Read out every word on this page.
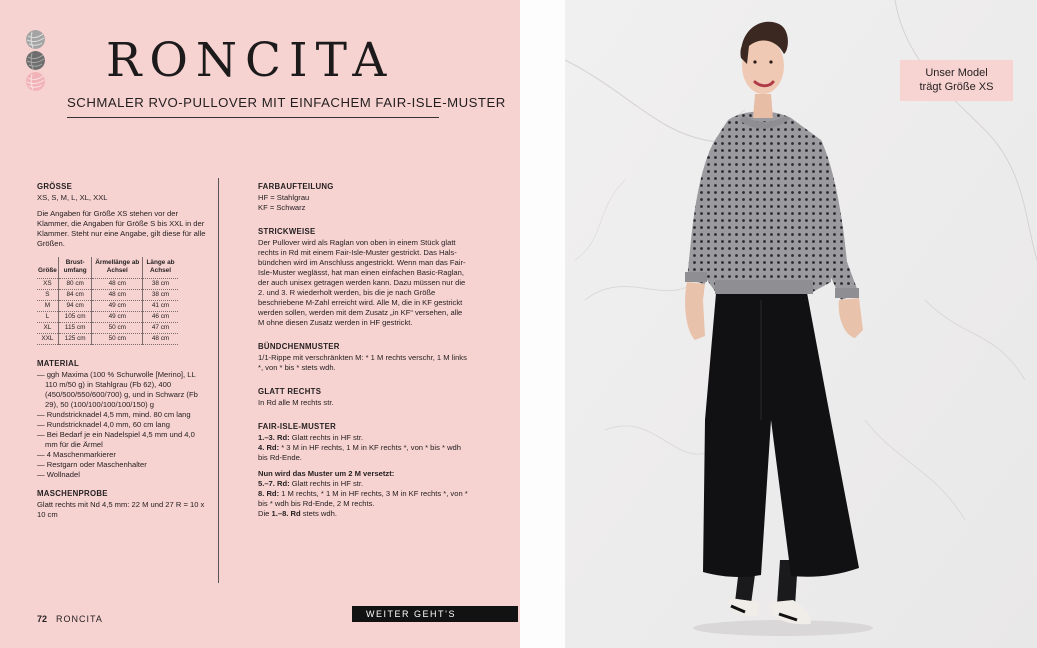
RONCITA
SCHMALER RVO-PULLOVER MIT EINFACHEM FAIR-ISLE-MUSTER
GRÖSSE
XS, S, M, L, XL, XXL
Die Angaben für Größe XS stehen vor der Klammer, die Angaben für Größe S bis XXL in der Klammer. Steht nur eine Angabe, gilt diese für alle Größen.
Größe	Brust-umfang	Ärmellänge ab Achsel	Länge ab Achsel
XS	80 cm	48 cm	38 cm
S	84 cm	48 cm	38 cm
M	94 cm	49 cm	41 cm
L	105 cm	49 cm	46 cm
XL	115 cm	50 cm	47 cm
XXL	125 cm	50 cm	48 cm
MATERIAL
— ggh Maxima (100 % Schurwolle [Merino], LL 110 m/50 g) in Stahlgrau (Fb 62), 400 (450/500/550/600/700) g, und in Schwarz (Fb 29), 50 (100/100/100/100/150) g
— Rundstricknadel 4,5 mm, mind. 80 cm lang
— Rundstricknadel 4,0 mm, 60 cm lang
— Bei Bedarf je ein Nadelspiel 4,5 mm und 4,0 mm für die Ärmel
— 4 Maschenmarkierer
— Restgarn oder Maschenhalter
— Wollnadel
MASCHENPROBE
Glatt rechts mit Nd 4,5 mm: 22 M und 27 R = 10 x 10 cm
FARBAUFTEILUNG
HF = Stahlgrau
KF = Schwarz
STRICKWEISE
Der Pullover wird als Raglan von oben in einem Stück glatt rechts in Rd mit einem Fair-Isle-Muster gestrickt. Das Hals-bündchen wird im Anschluss angestrickt. Wenn man das Fair-Isle-Muster weglässt, hat man einen einfachen Basic-Raglan, der auch unisex getragen werden kann. Dazu müssen nur die 2. und 3. R wiederholt werden, bis die je nach Größe beschriebene M-Zahl erreicht wird. Alle M, die in KF gestrickt werden sollen, werden mit dem Zusatz „in KF“ versehen, alle M ohne diesen Zusatz werden in HF gestrickt.
BÜNDCHENMUSTER
1/1-Rippe mit verschränkten M: * 1 M rechts verschr, 1 M links *, von * bis * stets wdh.
GLATT RECHTS
In Rd alle M rechts str.
FAIR-ISLE-MUSTER
1.–3. Rd: Glatt rechts in HF str.
4. Rd: * 3 M in HF rechts, 1 M in KF rechts *, von * bis * wdh bis Rd-Ende.
Nun wird das Muster um 2 M versetzt:
5.–7. Rd: Glatt rechts in HF str.
8. Rd: 1 M rechts, * 1 M in HF rechts, 3 M in KF rechts *, von * bis * wdh bis Rd-Ende, 2 M rechts.
Die 1.–8. Rd stets wdh.
72 RONCITA	WEITER GEHT’S
Unser Model
trägt Größe XS
